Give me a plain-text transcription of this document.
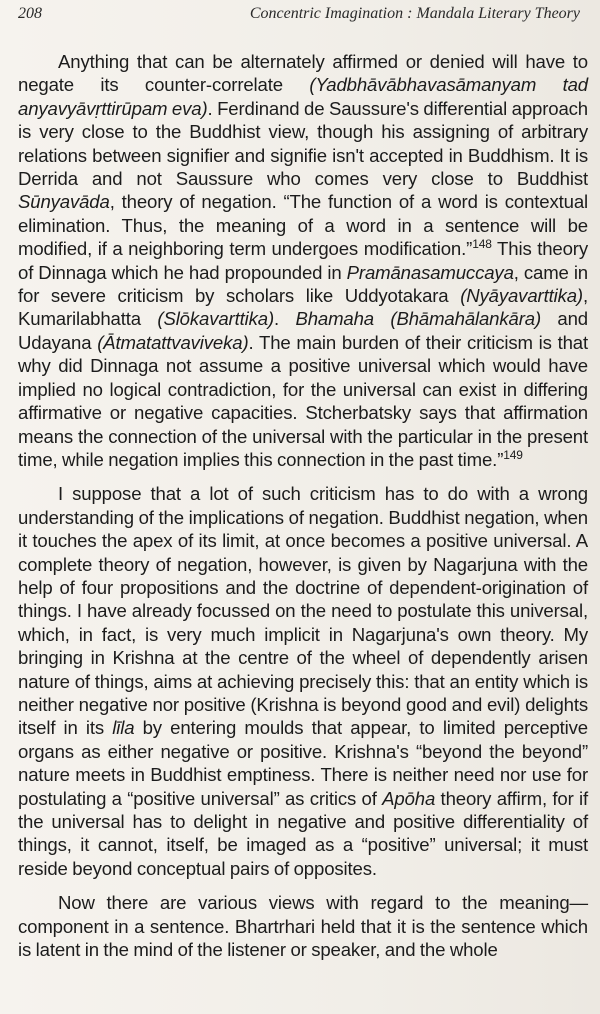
208	Concentric Imagination : Mandala Literary Theory

Anything that can be alternately affirmed or denied will have to negate its counter-correlate (Yadbhāvābhavasāmanyam tad anyavyāvṛttirūpam eva). Ferdinand de Saussure's differential approach is very close to the Buddhist view, though his assigning of arbitrary relations between signifier and signifie isn't accepted in Buddhism. It is Derrida and not Saussure who comes very close to Buddhist Sūnyavāda, theory of negation. “The function of a word is contextual elimination. Thus, the meaning of a word in a sentence will be modified, if a neighboring term undergoes modification.”$^{148}$ This theory of Dinnaga which he had propounded in Pramānasamuccaya, came in for severe criticism by scholars like Uddyotakara (Nyāyavarttika), Kumarilabhatta (Slōkavarttika). Bhamaha (Bhāmahālankāra) and Udayana (Ātmatattvaviveka). The main burden of their criticism is that why did Dinnaga not assume a positive universal which would have implied no logical contradiction, for the universal can exist in differing affirmative or negative capacities. Stcherbatsky says that affirmation means the connection of the universal with the particular in the present time, while negation implies this connection in the past time.”$^{149}$

I suppose that a lot of such criticism has to do with a wrong understanding of the implications of negation. Buddhist negation, when it touches the apex of its limit, at once becomes a positive universal. A complete theory of negation, however, is given by Nagarjuna with the help of four propositions and the doctrine of dependent-origination of things. I have already focussed on the need to postulate this universal, which, in fact, is very much implicit in Nagarjuna's own theory. My bringing in Krishna at the centre of the wheel of dependently arisen nature of things, aims at achieving precisely this: that an entity which is neither negative nor positive (Krishna is beyond good and evil) delights itself in its līla by entering moulds that appear, to limited perceptive organs as either negative or positive. Krishna's “beyond the beyond” nature meets in Buddhist emptiness. There is neither need nor use for postulating a “positive universal” as critics of Apōha theory affirm, for if the universal has to delight in negative and positive differentiality of things, it cannot, itself, be imaged as a “positive” universal; it must reside beyond conceptual pairs of opposites.

Now there are various views with regard to the meaning—component in a sentence. Bhartrhari held that it is the sentence which is latent in the mind of the listener or speaker, and the whole
